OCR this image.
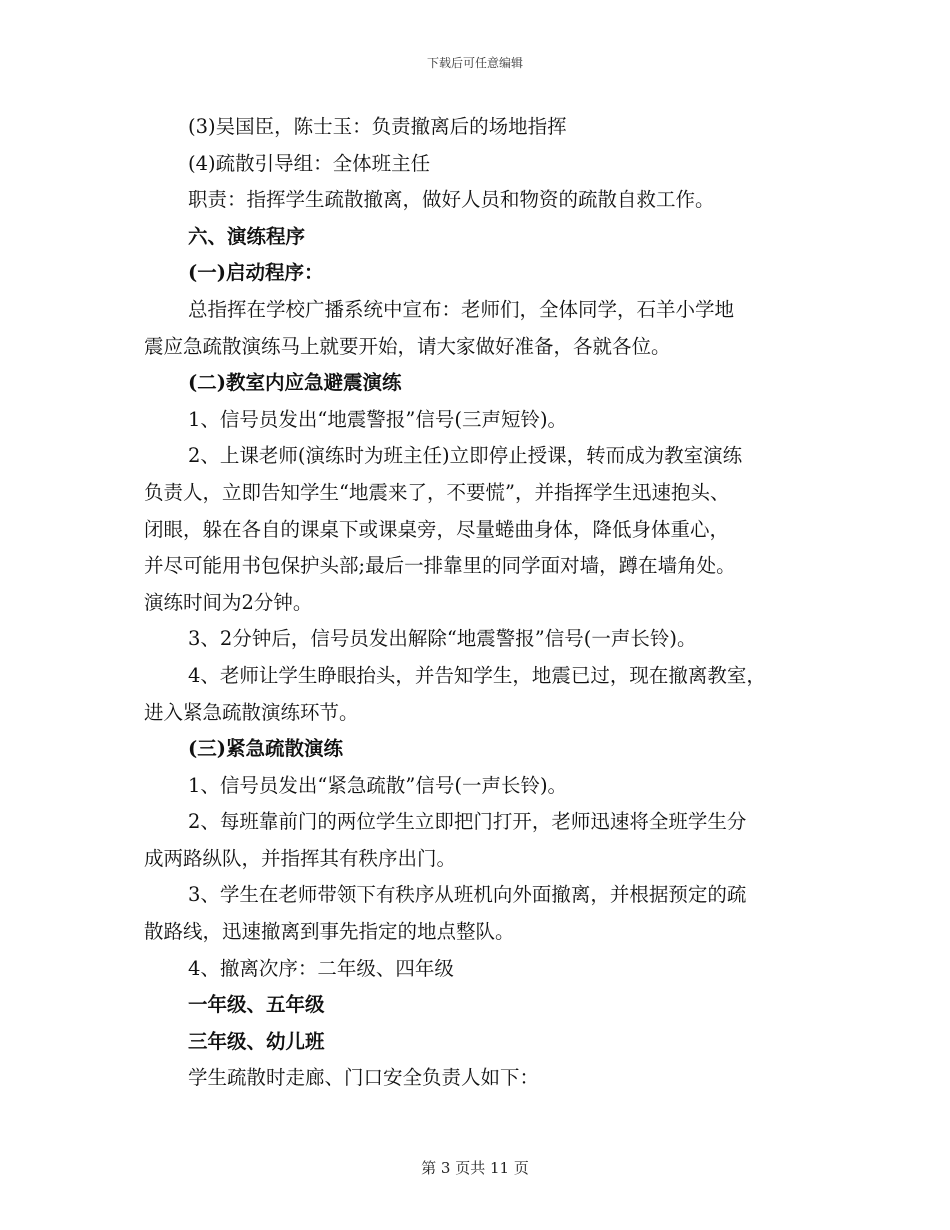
下载后可任意编辑

(3)吴国臣，陈士玉：负责撤离后的场地指挥

(4)疏散引导组：全体班主任

职责：指挥学生疏散撤离，做好人员和物资的疏散自救工作。

六、演练程序

(一)启动程序：

总指挥在学校广播系统中宣布：老师们，全体同学，石羊小学地

震应急疏散演练马上就要开始，请大家做好准备，各就各位。

(二)教室内应急避震演练

1、信号员发出“地震警报”信号(三声短铃)。

2、上课老师(演练时为班主任)立即停止授课，转而成为教室演练

负责人，立即告知学生“地震来了，不要慌”，并指挥学生迅速抱头、

闭眼，躲在各自的课桌下或课桌旁，尽量蜷曲身体，降低身体重心，

并尽可能用书包保护头部;最后一排靠里的同学面对墙，蹲在墙角处。

演练时间为2分钟。

3、2分钟后，信号员发出解除“地震警报”信号(一声长铃)。

4、老师让学生睁眼抬头，并告知学生，地震已过，现在撤离教室，

进入紧急疏散演练环节。

(三)紧急疏散演练

1、信号员发出“紧急疏散”信号(一声长铃)。

2、每班靠前门的两位学生立即把门打开，老师迅速将全班学生分

成两路纵队，并指挥其有秩序出门。

3、学生在老师带领下有秩序从班机向外面撤离，并根据预定的疏

散路线，迅速撤离到事先指定的地点整队。

4、撤离次序：二年级、四年级

一年级、五年级

三年级、幼儿班

学生疏散时走廊、门口安全负责人如下：

第 3 页共 11 页
